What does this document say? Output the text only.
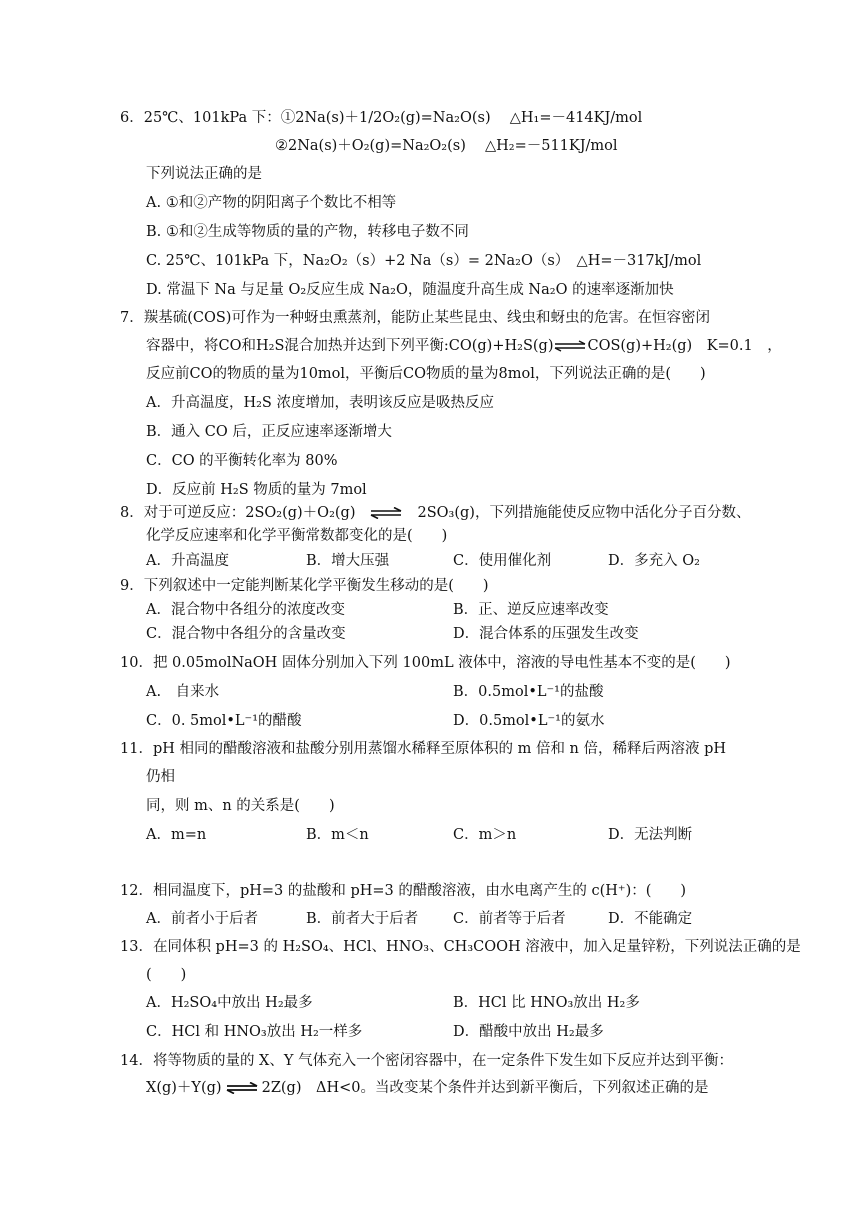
6．25℃、101kPa 下：①2Na(s)＋1/2O₂(g)=Na₂O(s)　 △H₁=－414KJ/mol
②2Na(s)＋O₂(g)=Na₂O₂(s)　 △H₂=－511KJ/mol
下列说法正确的是
A. ①和②产物的阴阳离子个数比不相等
B. ①和②生成等物质的量的产物，转移电子数不同
C. 25℃、101kPa 下，Na₂O₂（s）+2 Na（s）= 2Na₂O（s）　△H=－317kJ/mol
D. 常温下 Na 与足量 O₂反应生成 Na₂O，随温度升高生成 Na₂O 的速率逐渐加快
7．羰基硫(COS)可作为一种蚜虫熏蒸剂，能防止某些昆虫、线虫和蚜虫的危害。在恒容密闭
容器中，将CO和H₂S混合加热并达到下列平衡:CO(g)+H₂S(g)⇌COS(g)+H₂(g)　K=0.1　，
反应前CO的物质的量为10mol，平衡后CO物质的量为8mol，下列说法正确的是(　　)
A．升高温度，H₂S 浓度增加，表明该反应是吸热反应
B．通入 CO 后，正反应速率逐渐增大
C．CO 的平衡转化率为 80%
D．反应前 H₂S 物质的量为 7mol
8．对于可逆反应：2SO₂(g)＋O₂(g) ⇌ 2SO₃(g)，下列措施能使反应物中活化分子百分数、
化学反应速率和化学平衡常数都变化的是(　　)
A．升高温度	B．增大压强	C．使用催化剂	D．多充入 O₂
9．下列叙述中一定能判断某化学平衡发生移动的是(　　)
A．混合物中各组分的浓度改变	B．正、逆反应速率改变
C．混合物中各组分的含量改变	D．混合体系的压强发生改变
10．把 0.05molNaOH 固体分别加入下列 100mL 液体中，溶液的导电性基本不变的是(　　)
A.　自来水	B．0.5mol•L⁻¹的盐酸
C．0. 5mol•L⁻¹的醋酸	D．0.5mol•L⁻¹的氨水
11．pH 相同的醋酸溶液和盐酸分别用蒸馏水稀释至原体积的 m 倍和 n 倍，稀释后两溶液 pH
仍相
同，则 m、n 的关系是(　　)
A．m=n	B．m＜n	C．m＞n	D．无法判断
12．相同温度下，pH=3 的盐酸和 pH=3 的醋酸溶液，由水电离产生的 c(H⁺)：(　　)
A．前者小于后者	B．前者大于后者 C．前者等于后者	D．不能确定
13．在同体积 pH=3 的 H₂SO₄、HCl、HNO₃、CH₃COOH 溶液中，加入足量锌粉，下列说法正确的是
(　　)
A．H₂SO₄中放出 H₂最多	B．HCl 比 HNO₃放出 H₂多
C．HCl 和 HNO₃放出 H₂一样多	D．醋酸中放出 H₂最多
14．将等物质的量的 X、Y 气体充入一个密闭容器中，在一定条件下发生如下反应并达到平衡：
X(g)＋Y(g) ⇌ 2Z(g)　ΔH<0。当改变某个条件并达到新平衡后，下列叙述正确的是
